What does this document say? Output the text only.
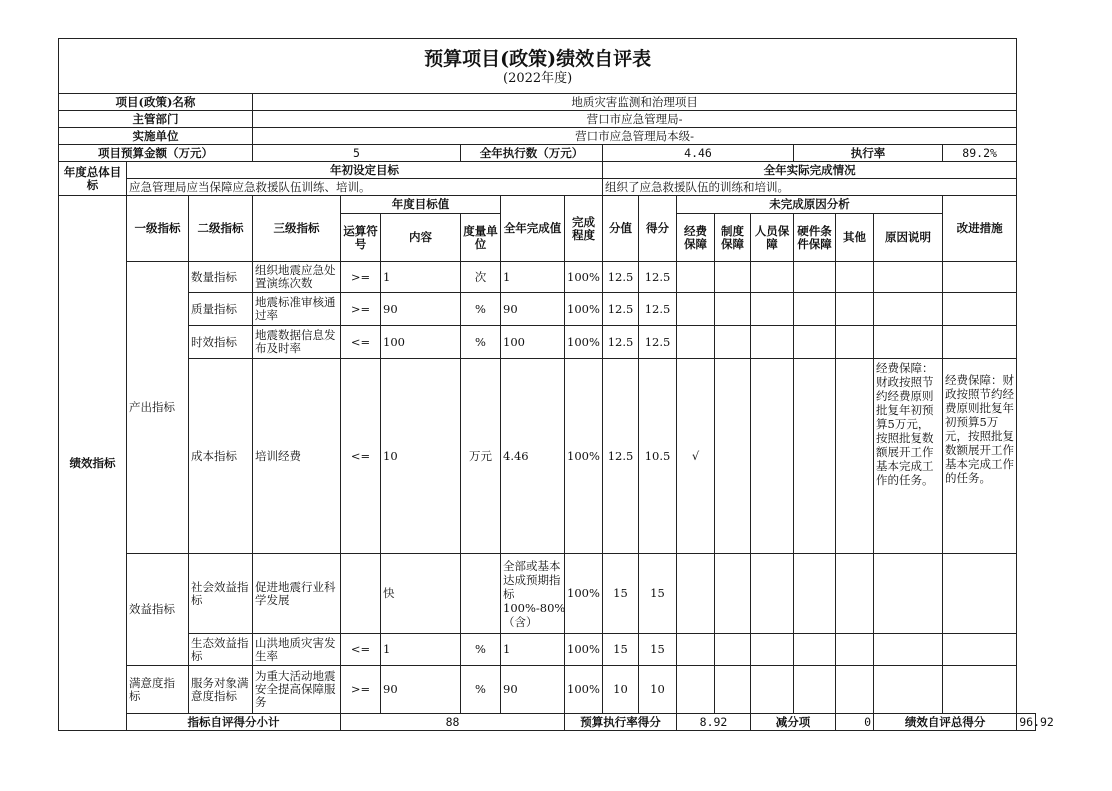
预算项目(政策)绩效自评表
(2022年度)																		

项目(政策)名称			地质灾害监测和治理项目															
主管部门			营口市应急管理局-															
实施单位			营口市应急管理局本级-															
项目预算金额（万元）			5			全年执行数（万元）			4.46					执行率			89.2%	
年度总体目标	年初设定目标								全年实际完成情况									
	应急管理局应当保障应急救援队伍训练、培训。								组织了应急救援队伍的训练和培训。									
绩效指标	一级指标	二级指标	三级指标	年度目标值			全年完成值	完成程度	分值	得分	未完成原因分析						改进措施	
				运算符号	内容	度量单位					经费保障	制度保障	人员保障	硬件条件保障	其他	原因说明		
	产出指标	数量指标	组织地震应急处置演练次数	>=	1	次	1	100%	12.5	12.5								
		质量指标	地震标准审核通过率	>=	90	%	90	100%	12.5	12.5								
		时效指标	地震数据信息发布及时率	<=	100	%	100	100%	12.5	12.5								
		成本指标	培训经费	<=	10	万元	4.46	100%	12.5	10.5	√					经费保障：财政按照节约经费原则批复年初预算5万元，按照批复数额展开工作基本完成工作的任务。	经费保障：财政按照节约经费原则批复年初预算5万元，按照批复数额展开工作基本完成工作的任务。	
	效益指标	社会效益指标	促进地震行业科学发展		快		全部或基本达成预期指标100%-80%（含）	100%	15	15								
		生态效益指标	山洪地质灾害发生率	<=	1	%	1	100%	15	15								
	满意度指标	服务对象满意度指标	为重大活动地震安全提高保障服务	>=	90	%	90	100%	10	10								
	指标自评得分小计			88				预算执行率得分			8.92		减分项		0	绩效自评总得分		96.92
